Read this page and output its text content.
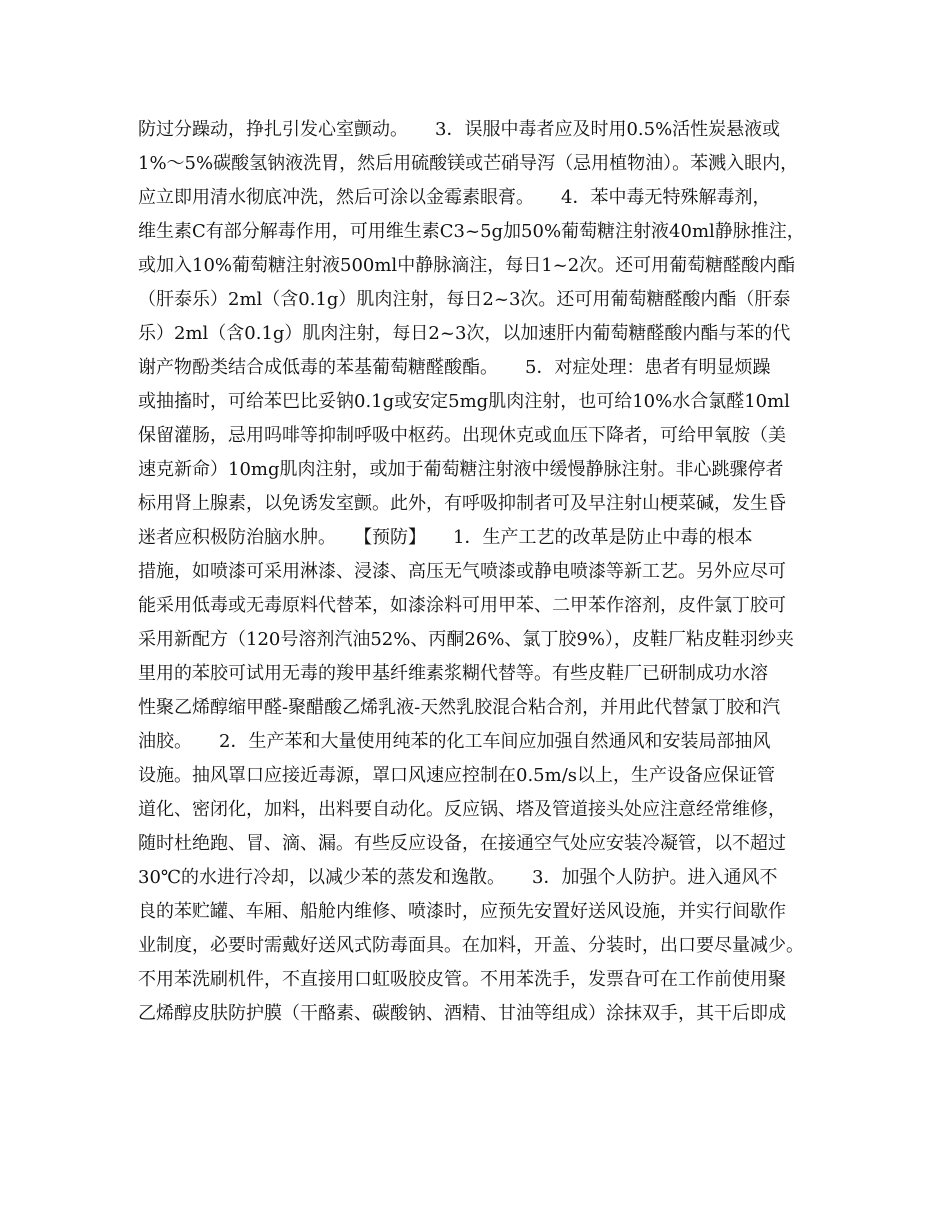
防过分躁动，挣扎引发心室颤动。　　3．误服中毒者应及时用0.5%活性炭悬液或
1%～5%碳酸氢钠液洗胃，然后用硫酸镁或芒硝导泻（忌用植物油）。苯溅入眼内，
应立即用清水彻底冲洗，然后可涂以金霉素眼膏。　　4．苯中毒无特殊解毒剂，
维生素C有部分解毒作用，可用维生素C3~5g加50%葡萄糖注射液40ml静脉推注，
或加入10%葡萄糖注射液500ml中静脉滴注，每日1~2次。还可用葡萄糖醛酸内酯
（肝泰乐）2ml（含0.1g）肌肉注射，每日2~3次。还可用葡萄糖醛酸内酯（肝泰
乐）2ml（含0.1g）肌肉注射，每日2~3次，以加速肝内葡萄糖醛酸内酯与苯的代
谢产物酚类结合成低毒的苯基葡萄糖醛酸酯。　　5．对症处理：患者有明显烦躁
或抽搐时，可给苯巴比妥钠0.1g或安定5mg肌肉注射，也可给10%水合氯醛10ml
保留灌肠，忌用吗啡等抑制呼吸中枢药。出现休克或血压下降者，可给甲氧胺（美
速克新命）10mg肌肉注射，或加于葡萄糖注射液中缓慢静脉注射。非心跳骤停者
标用肾上腺素，以免诱发室颤。此外，有呼吸抑制者可及早注射山梗菜碱，发生昏
迷者应积极防治脑水肿。　　【预防】　　1．生产工艺的改革是防止中毒的根本
措施，如喷漆可采用淋漆、浸漆、高压无气喷漆或静电喷漆等新工艺。另外应尽可
能采用低毒或无毒原料代替苯，如漆涂料可用甲苯、二甲苯作溶剂，皮件氯丁胶可
采用新配方（120号溶剂汽油52%、丙酮26%、氯丁胶9%），皮鞋厂粘皮鞋羽纱夹
里用的苯胶可试用无毒的羧甲基纤维素浆糊代替等。有些皮鞋厂已研制成功水溶
性聚乙烯醇缩甲醛-聚醋酸乙烯乳液-天然乳胶混合粘合剂，并用此代替氯丁胶和汽
油胶。　　2．生产苯和大量使用纯苯的化工车间应加强自然通风和安装局部抽风
设施。抽风罩口应接近毒源，罩口风速应控制在0.5m/s以上，生产设备应保证管
道化、密闭化，加料，出料要自动化。反应锅、塔及管道接头处应注意经常维修，
随时杜绝跑、冒、滴、漏。有些反应设备，在接通空气处应安装冷凝管，以不超过
30℃的水进行冷却，以减少苯的蒸发和逸散。　　3．加强个人防护。进入通风不
良的苯贮罐、车厢、船舱内维修、喷漆时，应预先安置好送风设施，并实行间歇作
业制度，必要时需戴好送风式防毒面具。在加料，开盖、分装时，出口要尽量减少。
不用苯洗刷机件，不直接用口虹吸胶皮管。不用苯洗手，发票旮可在工作前使用聚
乙烯醇皮肤防护膜（干酪素、碳酸钠、酒精、甘油等组成）涂抹双手，其干后即成
